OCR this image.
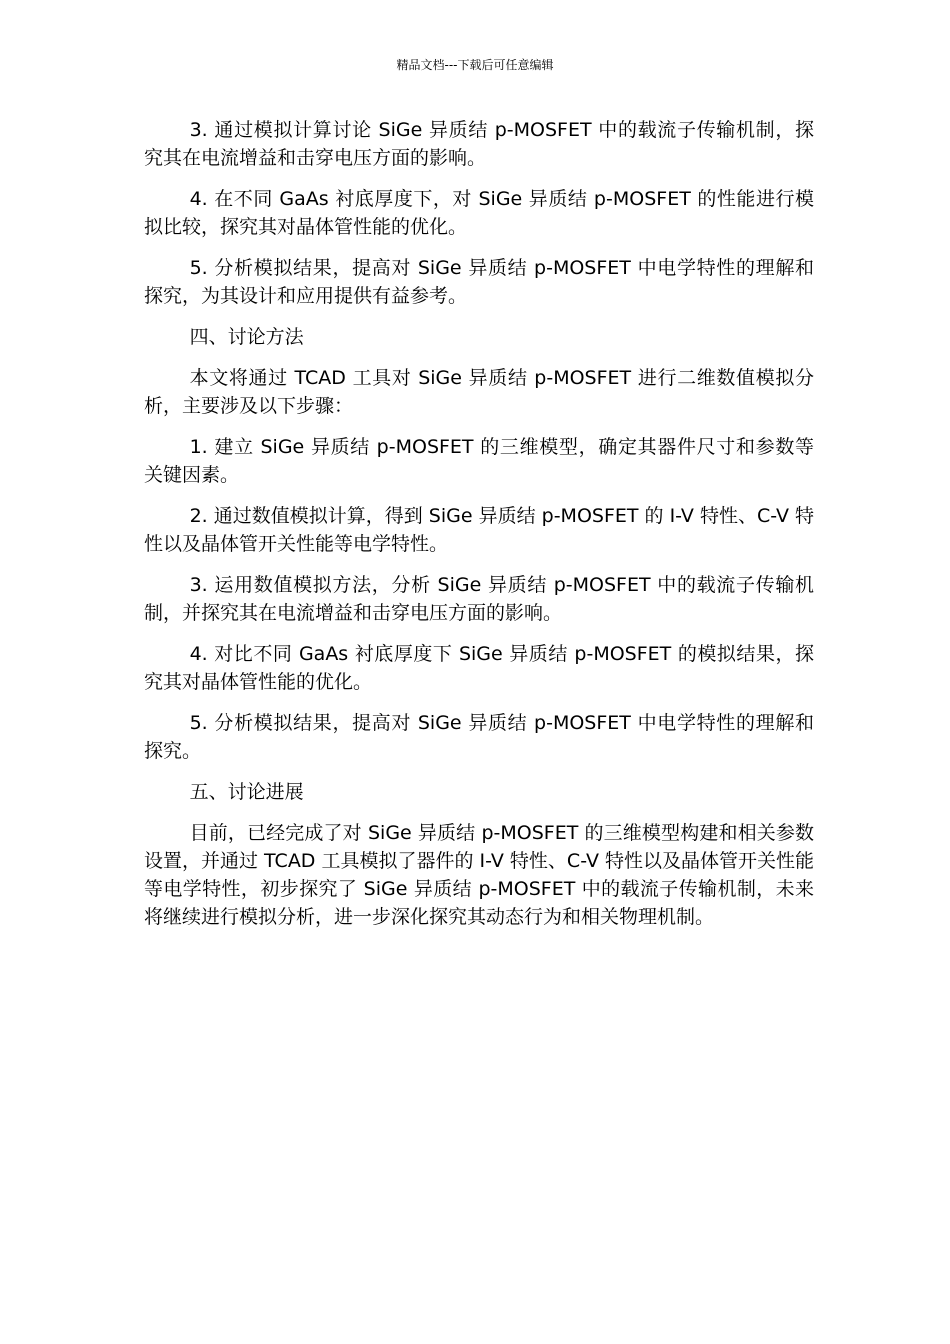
精品文档---下载后可任意编辑

3. 通过模拟计算讨论 SiGe 异质结 p-MOSFET 中的载流子传输机制，探究其在电流增益和击穿电压方面的影响。

4. 在不同 GaAs 衬底厚度下，对 SiGe 异质结 p-MOSFET 的性能进行模拟比较，探究其对晶体管性能的优化。

5. 分析模拟结果，提高对 SiGe 异质结 p-MOSFET 中电学特性的理解和探究，为其设计和应用提供有益参考。

四、讨论方法

本文将通过 TCAD 工具对 SiGe 异质结 p-MOSFET 进行二维数值模拟分析，主要涉及以下步骤：

1. 建立 SiGe 异质结 p-MOSFET 的三维模型，确定其器件尺寸和参数等关键因素。

2. 通过数值模拟计算，得到 SiGe 异质结 p-MOSFET 的 I-V 特性、C-V 特性以及晶体管开关性能等电学特性。

3. 运用数值模拟方法，分析 SiGe 异质结 p-MOSFET 中的载流子传输机制，并探究其在电流增益和击穿电压方面的影响。

4. 对比不同 GaAs 衬底厚度下 SiGe 异质结 p-MOSFET 的模拟结果，探究其对晶体管性能的优化。

5. 分析模拟结果，提高对 SiGe 异质结 p-MOSFET 中电学特性的理解和探究。

五、讨论进展

目前，已经完成了对 SiGe 异质结 p-MOSFET 的三维模型构建和相关参数设置，并通过 TCAD 工具模拟了器件的 I-V 特性、C-V 特性以及晶体管开关性能等电学特性，初步探究了 SiGe 异质结 p-MOSFET 中的载流子传输机制，未来将继续进行模拟分析，进一步深化探究其动态行为和相关物理机制。
